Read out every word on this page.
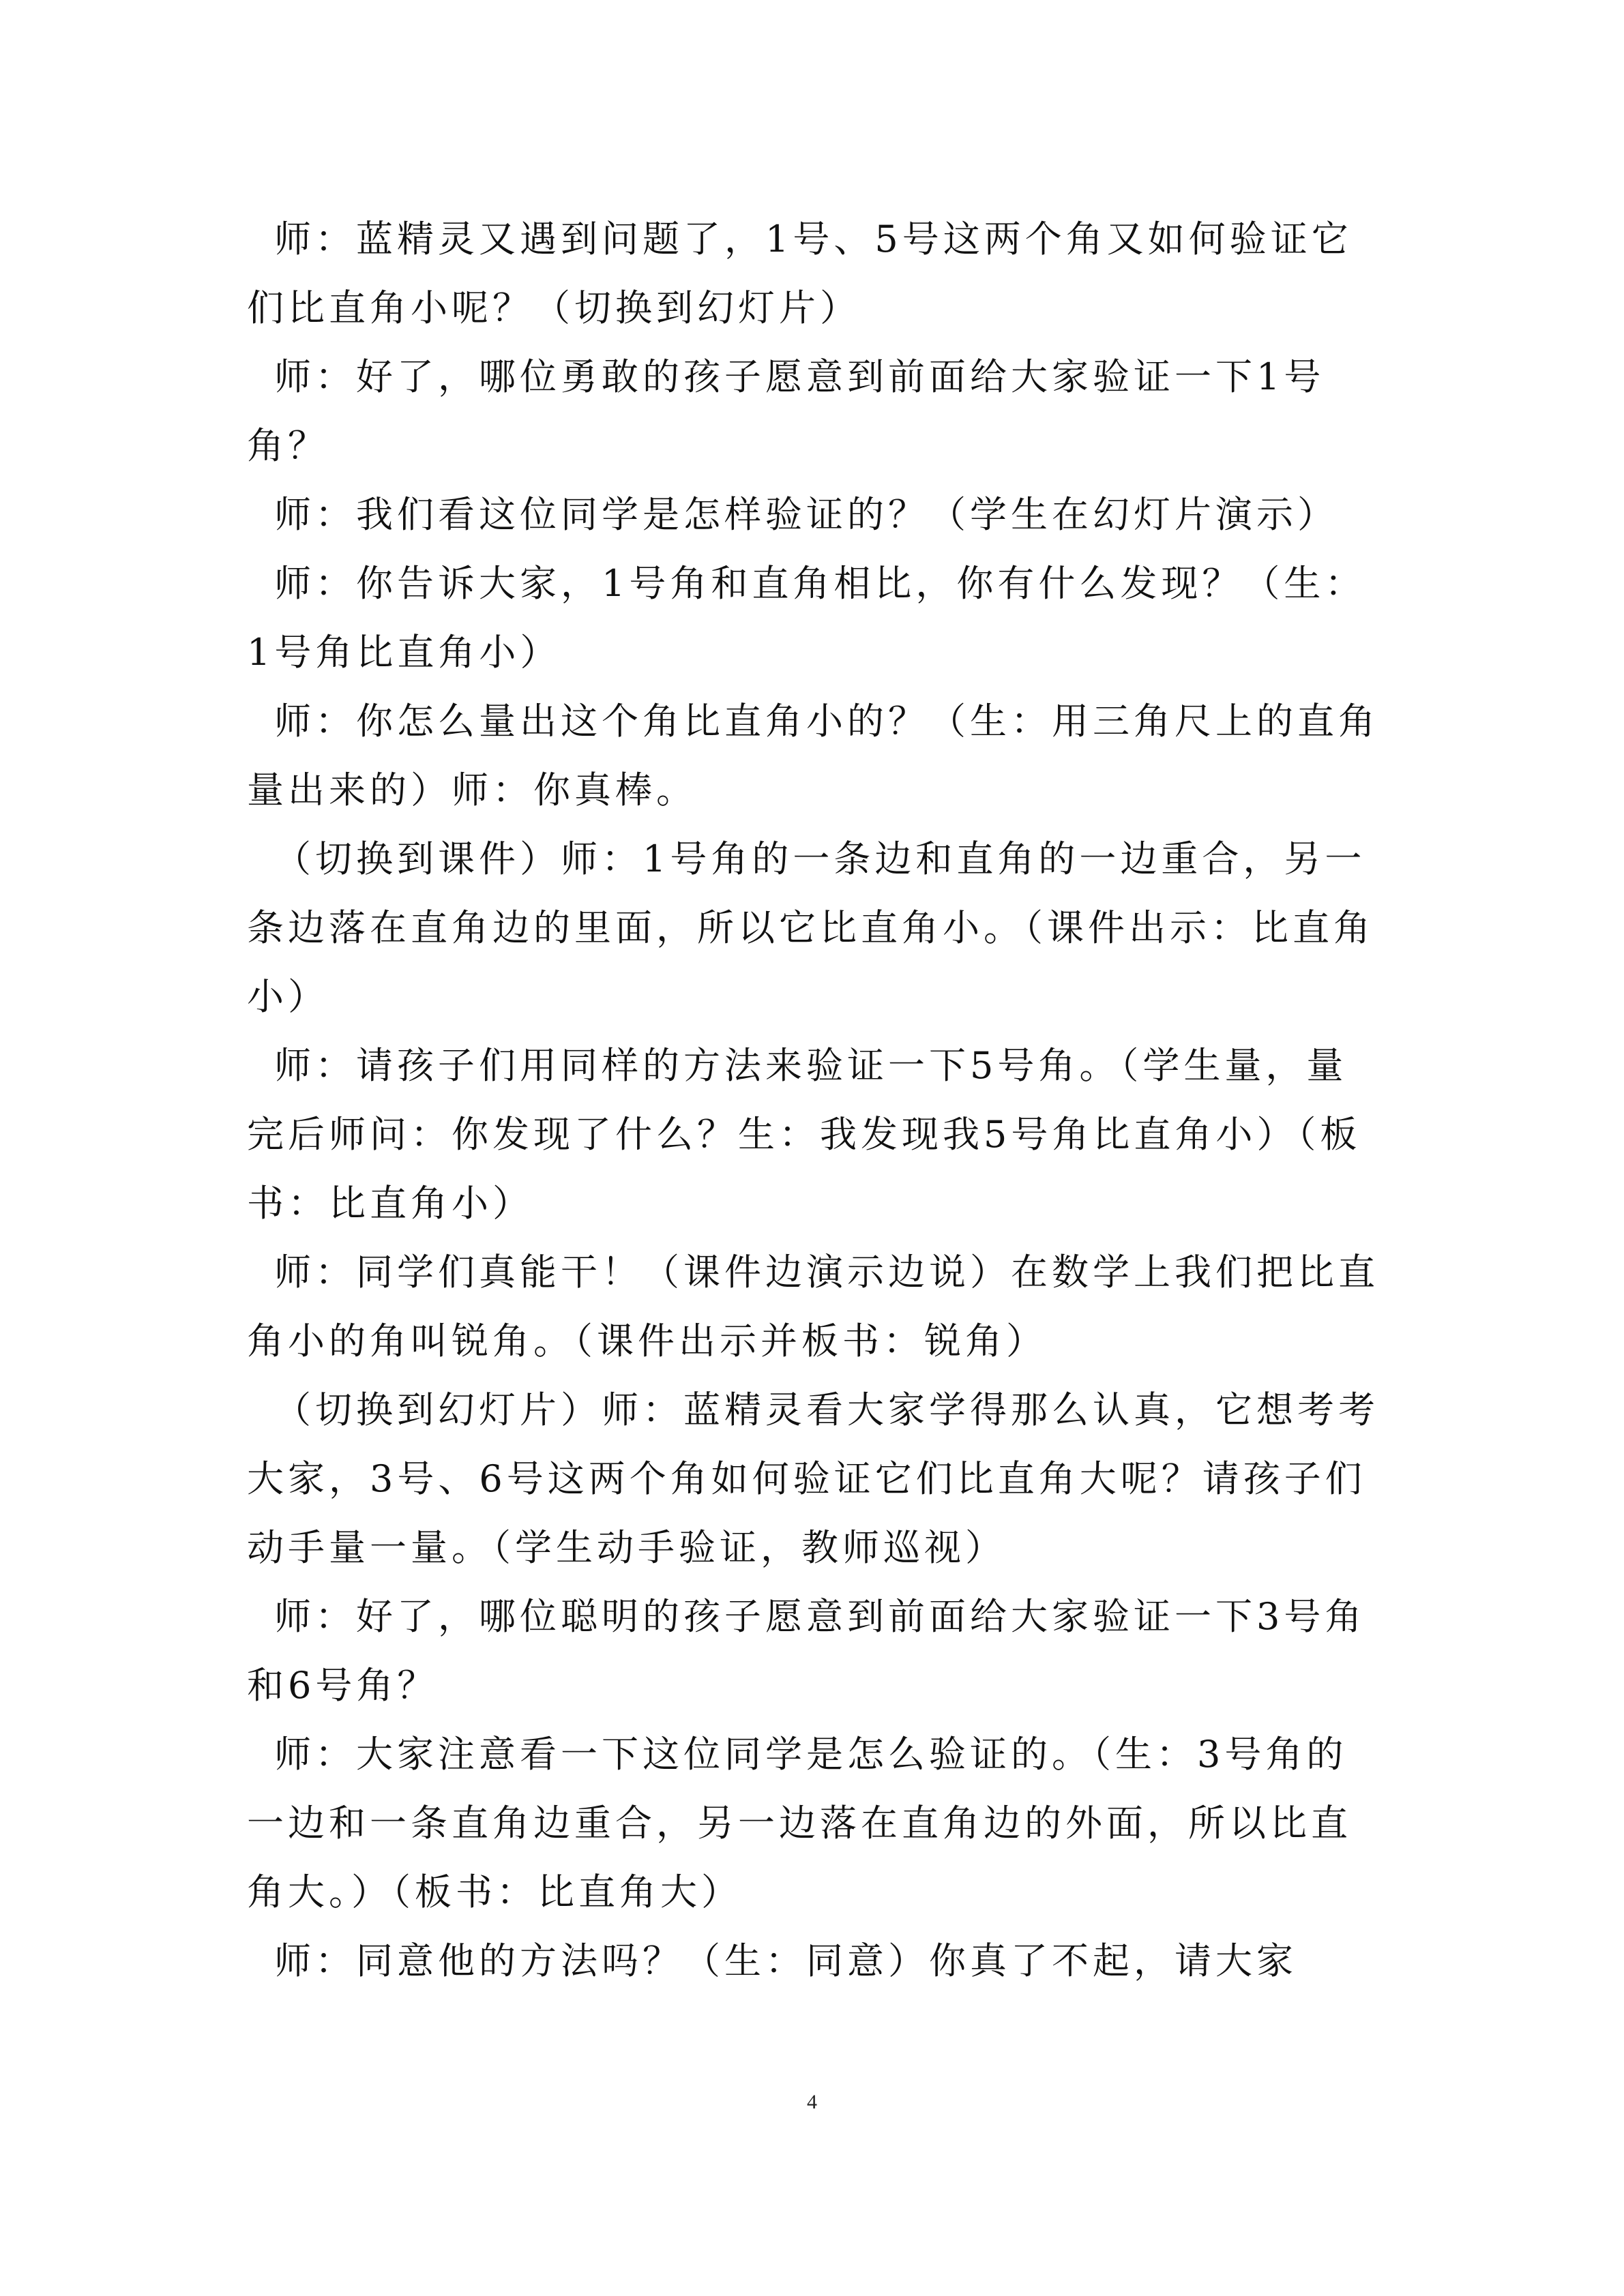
师：蓝精灵又遇到问题了，1号、5号这两个角又如何验证它们比直角小呢？（切换到幻灯片）

师：好了，哪位勇敢的孩子愿意到前面给大家验证一下1号角？

师：我们看这位同学是怎样验证的？（学生在幻灯片演示）

师：你告诉大家，1号角和直角相比，你有什么发现？（生：1号角比直角小）

师：你怎么量出这个角比直角小的？（生：用三角尺上的直角量出来的）师：你真棒。

（切换到课件）师：1号角的一条边和直角的一边重合，另一条边落在直角边的里面，所以它比直角小。（课件出示：比直角小）

师：请孩子们用同样的方法来验证一下5号角。（学生量，量完后师问：你发现了什么？生：我发现我5号角比直角小）（板书：比直角小）

师：同学们真能干！（课件边演示边说）在数学上我们把比直角小的角叫锐角。（课件出示并板书：锐角）

（切换到幻灯片）师：蓝精灵看大家学得那么认真，它想考考大家，3号、6号这两个角如何验证它们比直角大呢？请孩子们动手量一量。（学生动手验证，教师巡视）

师：好了，哪位聪明的孩子愿意到前面给大家验证一下3号角和6号角？

师：大家注意看一下这位同学是怎么验证的。（生：3号角的一边和一条直角边重合，另一边落在直角边的外面，所以比直角大。）（板书：比直角大）

师：同意他的方法吗？（生：同意）你真了不起，请大家

4
